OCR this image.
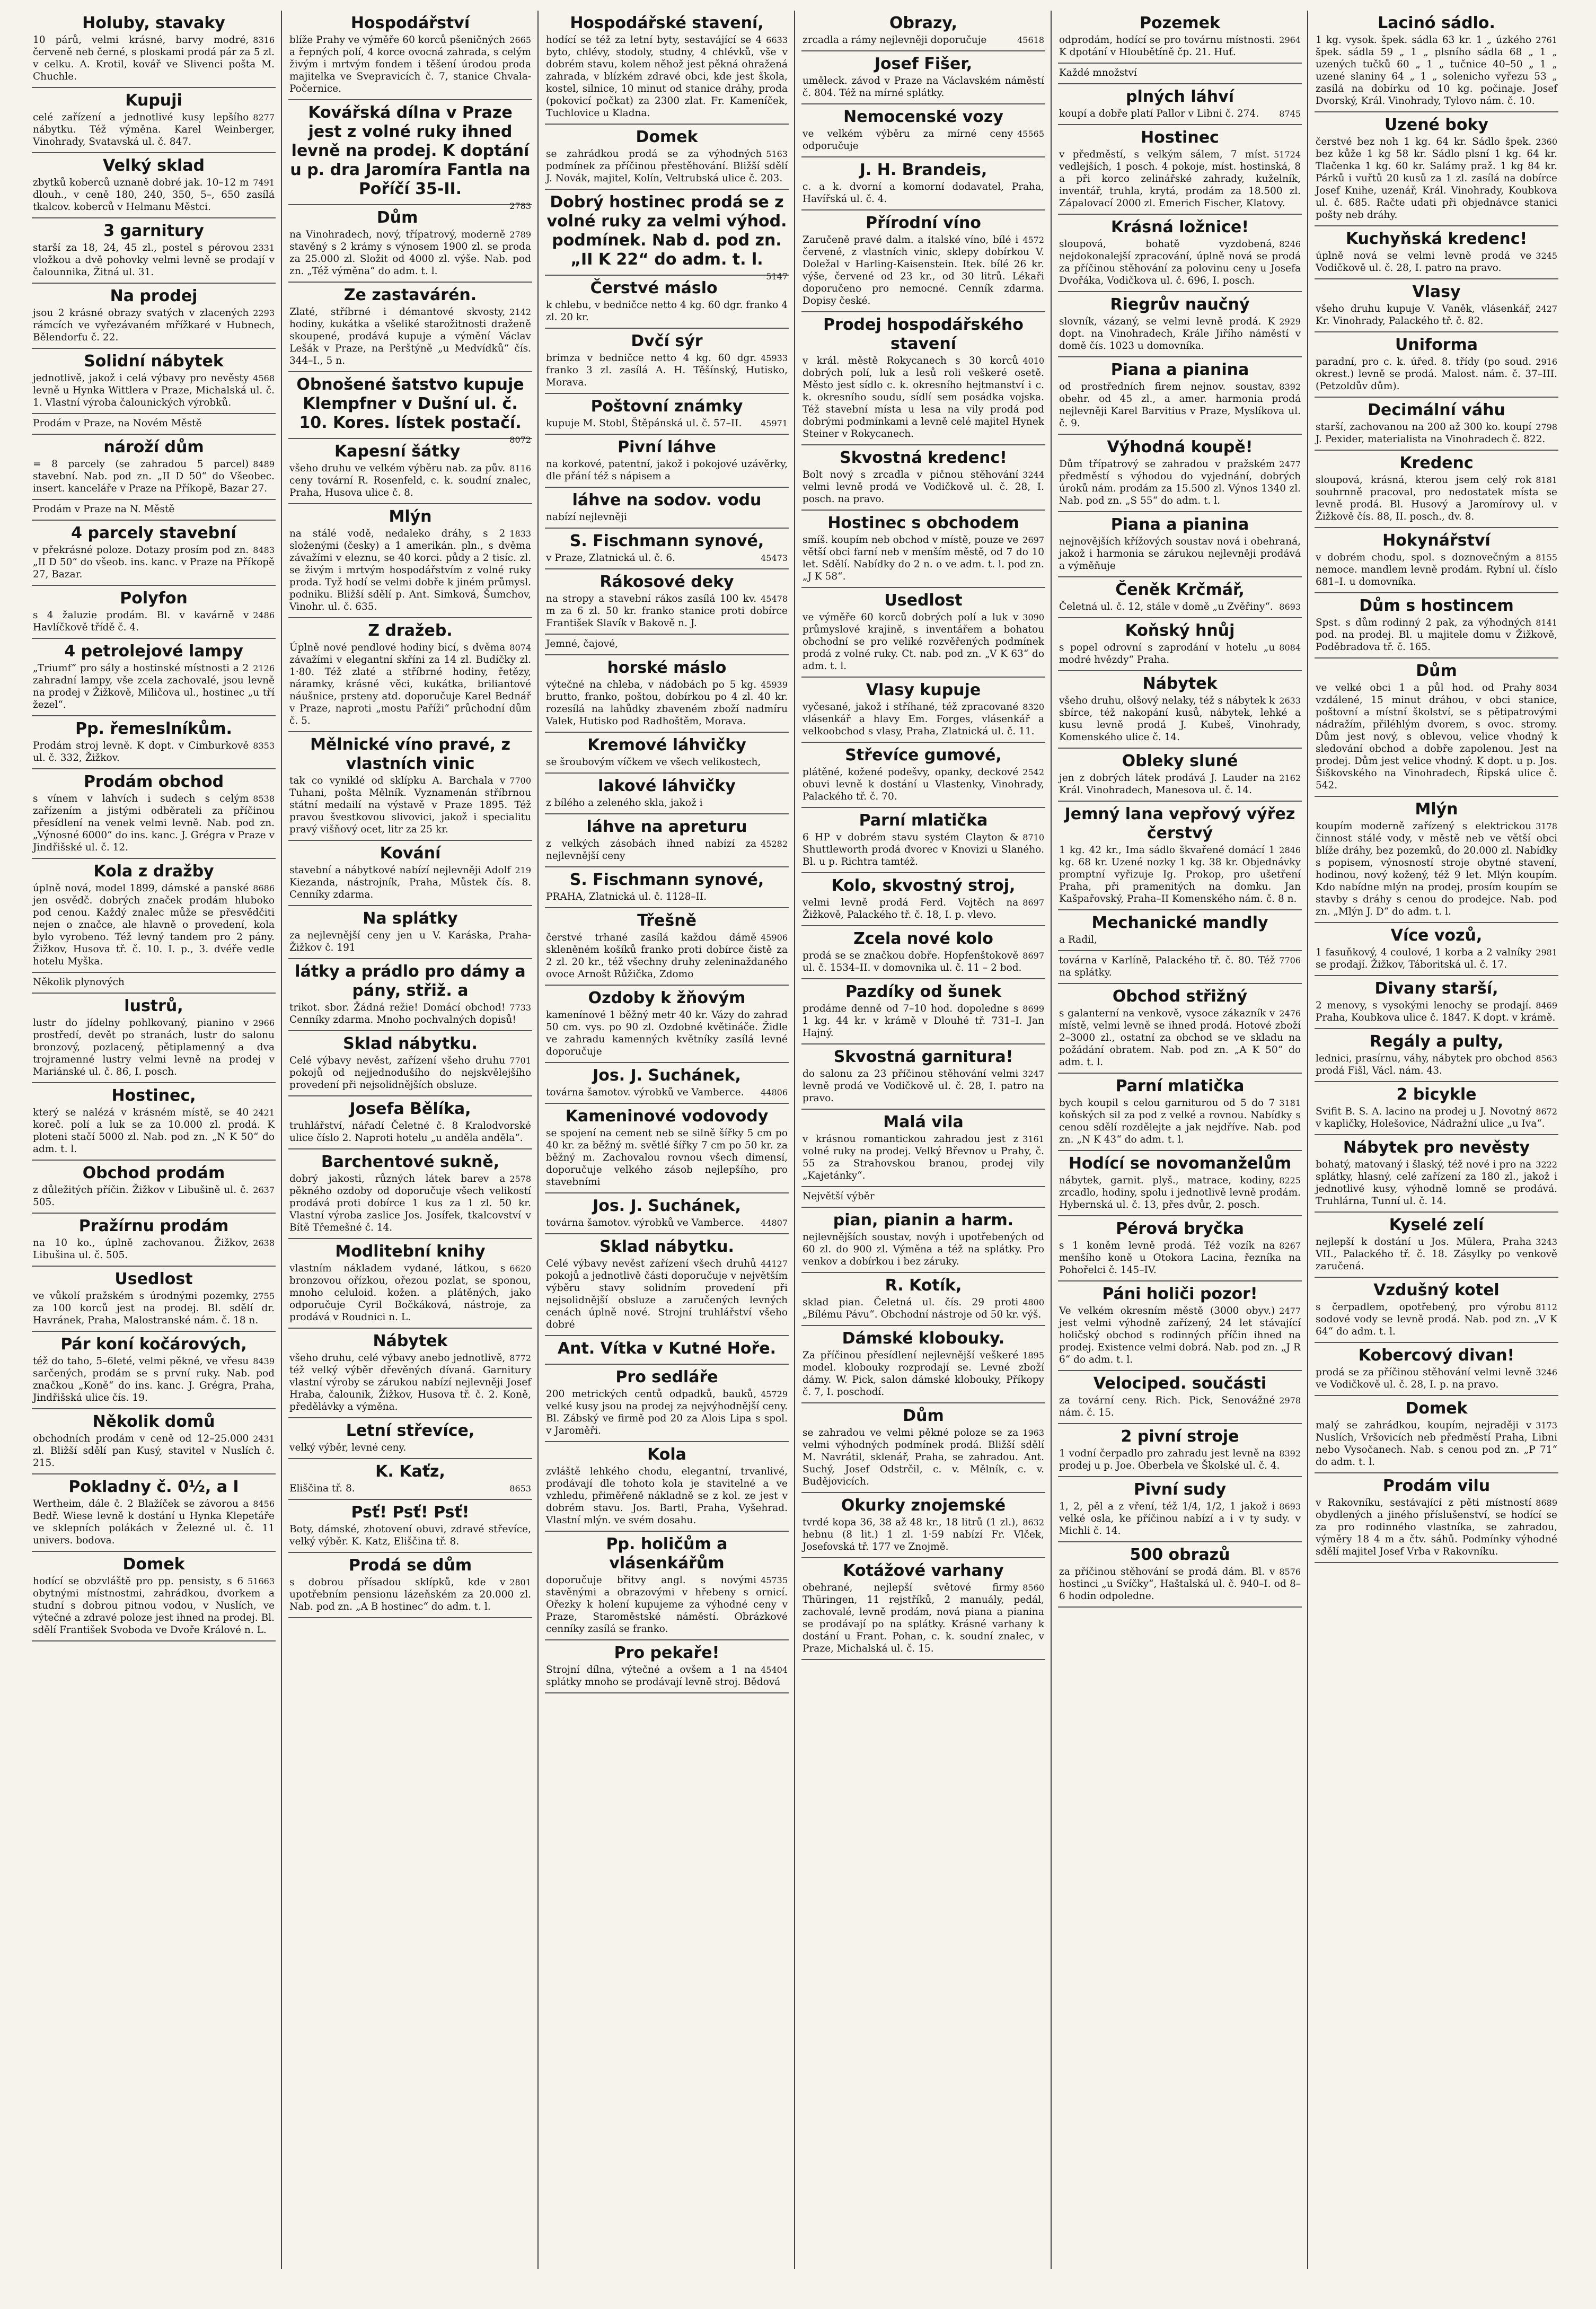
Holuby, stavaky
8316
10 párů, velmi krásné, barvy modré, červeně neb černé, s ploskami prodá pár za 5 zl. v celku. A. Krotil, kovář ve Slivenci pošta M. Chuchle.
Kupuji
8277
celé zařízení a jednotlivé kusy lepšího nábytku. Též výměna. Karel Weinberger, Vinohrady, Svatavská ul. č. 847.
Velký sklad
7491
zbytků koberců uznaně dobré jak. 10–12 m dlouh., v ceně 180, 240, 350, 5–, 650 zasílá tkalcov. koberců v Helmanu Městci.
3 garnitury
2331
starší za 18, 24, 45 zl., postel s pérovou vložkou a dvě pohovky velmi levně se prodají v čalounnika, Žitná ul. 31.
Na prodej
2293
jsou 2 krásné obrazy svatých v zlacených rámcích ve vyřezávaném mřížkaré v Hubnech, Bělendorfu č. 22.
Solidní nábytek
4568
jednotlivě, jakož i celá výbavy pro nevěsty levně u Hynka Wittlera v Praze, Michalská ul. č. 1. Vlastní výroba čalounických výrobků.
Prodám v Praze, na Novém Městě
nároží dům
8489
= 8 parcely (se zahradou 5 parcel) stavební. Nab. pod zn. „II D 50“ do Všeobec. insert. kanceláře v Praze na Příkopě, Bazar 27.
Prodám v Praze na N. Městě
4 parcely stavební
8483
v překrásné poloze. Dotazy prosím pod zn. „II D 50“ do všeob. ins. kanc. v Praze na Příkopě 27, Bazar.
Polyfon
2486
s 4 žaluzie prodám. Bl. v kavárně v Havlíčkově třídě č. 4.
4 petrolejové lampy
2126
„Triumf“ pro sály a hostinské místnosti a 2 zahradní lampy, vše zcela zachovalé, jsou levně na prodej v Žižkově, Miličova ul., hostinec „u tří žezel“.
Pp. řemeslníkům.
8353
Prodám stroj levně. K dopt. v Cimburkově ul. č. 332, Žižkov.
Prodám obchod
8538
s vínem v lahvích i sudech s celým zařízením a jistými odběrateli za příčinou přesídlení na venek velmi levně. Nab. pod zn. „Výnosné 6000“ do ins. kanc. J. Grégra v Praze v Jindřišské ul. č. 12.
Kola z dražby
8686
úplně nová, model 1899, dámské a panské jen osvědč. dobrých značek prodám hluboko pod cenou. Každý znalec může se přesvědčiti nejen o značce, ale hlavně o provedení, kola bylo vyrobeno. Též levný tandem pro 2 pány. Žižkov, Husova tř. č. 10. I. p., 3. dvéře vedle hotelu Myška.
Několik plynových
lustrů,
2966
lustr do jídelny pohlkovaný, pianino v prostředí, devět po stranách, lustr do salonu bronzový, pozlacený, pětiplamenný a dva trojramenné lustry velmi levně na prodej v Mariánské ul. č. 86, I. posch.
Hostinec,
2421
který se nalézá v krásném místě, se 40 koreč. polí a luk se za 10.000 zl. prodá. K ploteni stačí 5000 zl. Nab. pod zn. „N K 50“ do adm. t. l.
Obchod prodám
2637
z důležitých příčin. Žižkov v Libušině ul. č. 505.
Pražírnu prodám
2638
na 10 ko., úplně zachovanou. Žižkov, Libušina ul. č. 505.
Usedlost
2755
ve vůkolí pražském s úrodnými pozemky, za 100 korců jest na prodej. Bl. sdělí dr. Havránek, Praha, Malostranské nám. č. 18 n.
Pár koní kočárových,
8439
též do taho, 5–6leté, velmi pěkné, ve vřesu sarčených, prodám se s první ruky. Nab. pod značkou „Koně“ do ins. kanc. J. Grégra, Praha, Jindřišská ulice čís. 19.
Několik domů
2431
obchodních prodám v ceně od 12–25.000 zl. Bližší sdělí pan Kusý, stavitel v Nuslích č. 215.
Pokladny č. 0½, a I
8456
Wertheim, dále č. 2 Blažíček se závorou a Bedř. Wiese levně k dostání u Hynka Klepetáře ve sklepních polákách v Železné ul. č. 11 univers. bodova.
Domek
51663
hodící se obzvláště pro pp. pensisty, s 6 obytnými místnostmi, zahrádkou, dvorkem a studní s dobrou pitnou vodou, v Nuslích, ve výtečné a zdravé poloze jest ihned na prodej. Bl. sdělí František Svoboda ve Dvoře Králové n. L.
Hospodářství
2665
blíže Prahy ve výměře 60 korců pšeničných a řepných polí, 4 korce ovocná zahrada, s celým živým i mrtvým fondem i těšení úrodou proda majitelka ve Svepravicích č. 7, stanice Chvala-Počernice.
Kovářská dílna v Praze jest z volné ruky ihned levně na prodej. K doptání u p. dra Jaromíra Fantla na Poříčí 35-II.
2783
Dům
2789
na Vinohradech, nový, třípatrový, moderně stavěný s 2 krámy s výnosem 1900 zl. se proda za 25.000 zl. Složit od 4000 zl. výše. Nab. pod zn. „Též výměna“ do adm. t. l.
Ze zastavárén.
2142
Zlaté, stříbrné i démantové skvosty, hodiny, kukátka a všeliké starožitnosti draženě skoupené, prodává kupuje a výmění Václav Lešák v Praze, na Perštýně „u Medvídků“ čís. 344–I., 5 n.
Obnošené šatstvo kupuje Klempfner v Dušní ul. č. 10. Kores. lístek postačí.
8072
Kapesní šátky
8116
všeho druhu ve velkém výběru nab. za pův. ceny tovární R. Rosenfeld, c. k. soudní znalec, Praha, Husova ulice č. 8.
Mlýn
1833
na stálé vodě, nedaleko dráhy, s 2 složenými (česky) a 1 amerikán. pln., s dvěma závažími v eleznu, se 40 korci. půdy a 2 tisíc. zl. se živým i mrtvým hospodářstvím z volné ruky proda. Tyž hodí se velmi dobře k jiném průmysl. podniku. Bližší sdělí p. Ant. Simková, Šumchov, Vinohr. ul. č. 635.
Z dražeb.
8074
Úplně nové pendlové hodiny bicí, s dvěma závažími v elegantní skříni za 14 zl. Budíčky zl. 1·80. Též zlaté a stříbrné hodiny, řetězy, náramky, krásné věci, kukátka, briliantové náušnice, prsteny atd. doporučuje Karel Bednář v Praze, naproti „mostu Paříži“ průchodní dům č. 5.
Mělnické víno pravé, z vlastních vinic
7700
tak co vyniklé od sklípku A. Barchala v Tuhani, pošta Mělník. Vyznamenán stříbrnou státní medailí na výstavě v Praze 1895. Též pravou švestkovou slivovici, jakož i specialitu pravý višňový ocet, litr za 25 kr.
Kování
219
stavební a nábytkové nabízí nejlevněji Adolf Kiezanda, nástrojník, Praha, Můstek čís. 8. Cenníky zdarma.
Na splátky
za nejlevnější ceny jen u V. Karáska, Praha-Žižkov č. 191
látky a prádlo pro dámy a pány, střiž. a
7733
trikot. sbor. Žádná režie! Domácí obchod! Cenníky zdarma. Mnoho pochvalných dopisů!
Sklad nábytku.
7701
Celé výbavy nevěst, zařízení všeho druhu pokojů od nejjednodušího do nejskvělejšího provedení při nejsolidnějších obsluze.
Josefa Bělíka,
truhlářství, nářadí Čeletné č. 8 Kralodvorské ulice číslo 2. Naproti hotelu „u anděla anděla“.
Barchentové sukně,
2578
dobrý jakosti, různých látek barev a pěkného ozdoby od doporučuje všech velikostí prodává proti dobírce 1 kus za 1 zl. 50 kr. Vlastní výroba zaslice Jos. Josífek, tkalcovství v Bítě Třemešné č. 14.
Modlitební knihy
6620
vlastním nákladem vydané, látkou, s bronzovou ořízkou, ořezou pozlat, se sponou, mnoho celuloid. kožen. a plátěných, jako odporučuje Cyril Bočkáková, nástroje, za prodává v Roudnici n. L.
Nábytek
8772
všeho druhu, celé výbavy anebo jednotlivě, též velký výběr dřevěných dívaná. Garnitury vlastní výroby se zárukou nabízí nejlevněji Josef Hraba, čalounik, Žižkov, Husova tř. č. 2. Koně, předělávky a výměna.
Letní střevíce,
velký výběr, levné ceny.
K. Kaťz,
8653
Eliščina tř. 8.
Psť! Psť! Psť!
Boty, dámské, zhotovení obuvi, zdravé střevíce, velký výběr. K. Katz, Eliščina tř. 8.
Prodá se dům
2801
s dobrou přísadou sklípků, kde v upotřebním pensionu lázeňském za 20.000 zl. Nab. pod zn. „A B hostinec“ do adm. t. l.
Hospodářské stavení,
6633
hodící se též za letní byty, sestavájící se 4 byto, chlévy, stodoly, studny, 4 chlévků, vše v dobrém stavu, kolem něhož jest pěkná ohražená zahrada, v blízkém zdravé obci, kde jest škola, kostel, silnice, 10 minut od stanice dráhy, proda (pokovicí počkat) za 2300 zlat. Fr. Kameníček, Tuchlovice u Kladna.
Domek
5163
se zahrádkou prodá se za výhodných podmínek za příčinou přestěhování. Bližší sdělí J. Novák, majitel, Kolín, Veltrubská ulice č. 203.
Dobrý hostinec prodá se z volné ruky za velmi výhod. podmínek. Nab d. pod zn. „II K 22“ do adm. t. l.
5147
Čerstvé máslo
k chlebu, v bedničce netto 4 kg. 60 dgr. franko 4 zl. 20 kr.
Dvčí sýr
45933
brimza v bedničce netto 4 kg. 60 dgr. franko 3 zl. zasílá A. H. Těšínský, Hutisko, Morava.
Poštovní známky
45971
kupuje M. Stobl, Štěpánská ul. č. 57–II.
Pivní láhve
na korkové, patentní, jakož i pokojové uzávěrky, dle přání též s nápisem a
láhve na sodov. vodu
nabízí nejlevněji
S. Fischmann synové,
45473
v Praze, Zlatnická ul. č. 6.
Rákosové deky
45478
na stropy a stavební rákos zasílá 100 kv. m za 6 zl. 50 kr. franko stanice proti dobírce František Slavík v Bakově n. J.
Jemné, čajové,
horské máslo
45939
výtečné na chleba, v nádobách po 5 kg. brutto, franko, poštou, dobírkou po 4 zl. 40 kr. rozesílá na lahůdky zbaveném zboží nadmíru Valek, Hutisko pod Radhoštěm, Morava.
Kremové láhvičky
se šroubovým víčkem ve všech velikostech,
lakové láhvičky
z bílého a zeleného skla, jakož i
láhve na apreturu
45282
z velkých zásobách ihned nabízí za nejlevnější ceny
S. Fischmann synové,
PRAHA, Zlatnická ul. č. 1128–II.
Třešně
45906
čerstvé trhané zasílá každou dámě skleněném košíků franko proti dobírce čistě za 2 zl. 20 kr., též všechny druhy zeleninaždaného ovoce Arnošt Růžička, Zdomo
Ozdoby k žňovým
kamenínové 1 běžný metr 40 kr. Vázy do zahrad 50 cm. vys. po 90 zl. Ozdobné květináče. Židle ve zahradu kamenných květníky zasílá levné doporučuje
Jos. J. Suchánek,
44806
továrna šamotov. výrobků ve Vamberce.
Kameninové vodovody
se spojení na cement neb se silně šířky 5 cm po 40 kr. za běžný m. světlé šířky 7 cm po 50 kr. za běžný m. Zachovalou rovnou všech dimensí, doporučuje velkého zásob nejlepšího, pro stavebními
Jos. J. Suchánek,
44807
továrna šamotov. výrobků ve Vamberce.
Sklad nábytku.
44127
Celé výbavy nevěst zařízení všech druhů pokojů a jednotlivě části doporučuje v největším výběru stavy solidním provedení při nejsolidnější obsluze a zaručených levných cenách úplně nové. Strojní truhlářství všeho dobré
Ant. Vítka v Kutné Hoře.
Pro sedláře
45729
200 metrických centů odpadků, bauků, velké kusy jsou na prodej za nejvýhodnější ceny. Bl. Zábský ve firmě pod 20 za Alois Lipa s spol. v Jaroměři.
Kola
zvláště lehkého chodu, elegantní, trvanlivé, prodávají dle tohoto kola je stavitelné a ve vzhledu, přiměřeně nákladně se z kol. ze jest v dobrém stavu. Jos. Bartl, Praha, Vyšehrad. Vlastní mlýn. ve svém dosahu.
Pp. holičům a vlásenkářům
45735
doporučuje břitvy angl. s novými stavěnými a obrazovými v hřebeny s ornicí. Ořezky k holení kupujeme za výhodné ceny v Praze, Staroměstské náměstí. Obrázkové cenníky zasílá se franko.
Pro pekaře!
45404
Strojní dílna, výtečné a ovšem a 1 na splátky mnoho se prodávají levně stroj. Bědová
Obrazy,
45618
zrcadla a rámy nejlevněji doporučuje
Josef Fišer,
uměleck. závod v Praze na Václavském náměstí č. 804. Též na mírné splátky.
Nemocenské vozy
45565
ve velkém výběru za mírné ceny odporučuje
J. H. Brandeis,
c. a k. dvorní a komorní dodavatel, Praha, Havířská ul. č. 4.
Přírodní víno
4572
Zaručeně pravé dalm. a italské víno, bílé i červené, z vlastních vinic, sklepy dobírkou V. Doležal v Harling-Kaisenstein. Itek. bílé 26 kr. výše, červené od 23 kr., od 30 litrů. Lékaři doporučeno pro nemocné. Cenník zdarma. Dopisy české.
Prodej hospodářského stavení
4010
v král. městě Rokycanech s 30 korců dobrých polí, luk a lesů roli veškeré osetě. Město jest sídlo c. k. okresního hejtmanství i c. k. okresního soudu, sídlí sem posádka vojska. Též stavební místa u lesa na vily prodá pod dobrými podmínkami a levně celé majitel Hynek Steiner v Rokycanech.
Skvostná kredenc!
3244
Bolt nový s zrcadla v pičnou stěhování velmi levně prodá ve Vodičkově ul. č. 28, I. posch. na pravo.
Hostinec s obchodem
2697
smíš. koupím neb obchod v místě, pouze ve větší obci farní neb v menším městě, od 7 do 10 let. Sdělí. Nabídky do 2 n. o ve adm. t. l. pod zn. „J K 58“.
Usedlost
3090
ve výměře 60 korců dobrých polí a luk v průmyslové krajině, s inventářem a bohatou obchodní se pro veliké rozvěřených podmínek prodá z volné ruky. Ct. nab. pod zn. „V K 63“ do adm. t. l.
Vlasy kupuje
8320
vyčesané, jakož i stříhané, též zpracované vlásenkář a hlavy Em. Forges, vlásenkář a velkoobchod s vlasy, Praha, Zlatnická ul. č. 11.
Střevíce gumové,
2542
plátěné, kožené podešvy, opanky, deckové obuvi levně k dostání u Vlastenky, Vinohrady, Palackého tř. č. 70.
Parní mlatička
8710
6 HP v dobrém stavu systém Clayton & Shuttleworth prodá dvorec v Knovizi u Slaného. Bl. u p. Richtra tamtéž.
Kolo, skvostný stroj,
8697
velmi levně prodá Ferd. Vojtěch na Žižkově, Palackého tř. č. 18, I. p. vlevo.
Zcela nové kolo
8697
prodá se se značkou dobře. Hopfenštokově ul. č. 1534–II. v domovnika ul. č. 11 – 2 bod.
Pazdíky od šunek
8699
prodáme denně od 7–10 hod. dopoledne s 1 kg. 44 kr. v krámě v Dlouhé tř. 731–I. Jan Hajný.
Skvostná garnitura!
3247
do salonu za 23 příčinou stěhování velmi levně prodá ve Vodičkově ul. č. 28, I. patro na pravo.
Malá vila
3161
v krásnou romantickou zahradou jest z volné ruky na prodej. Velký Břevnov u Prahy, č. 55 za Strahovskou branou, prodej vily „Kajetánky“.
Největší výběr
pian, pianin a harm.
nejlevnějších soustav, novýh i upotřebených od 60 zl. do 900 zl. Výměna a též na splátky. Pro venkov a dobírkou i bez záruky.
R. Kotík,
4800
sklad pian. Čeletná ul. čís. 29 proti „Bílému Pávu“. Obchodní nástroje od 50 kr. výš.
Dámské klobouky.
1895
Za příčinou přesídlení nejlevnější veškeré model. klobouky rozprodají se. Levné zboží dámy. W. Pick, salon dámské klobouky, Příkopy č. 7, I. poschodí.
Dům
1963
se zahradou ve velmi pěkné poloze se za velmi výhodných podmínek prodá. Bližší sdělí M. Navrátil, sklenář, Praha, se zahradou. Ant. Suchý, Josef Odstrčil, c. v. Mělník, c. v. Budějovicích.
Okurky znojemské
8632
tvrdé kopa 36, 38 až 48 kr., 18 litrů (1 zl.), hebnu (8 lit.) 1 zl. 1·59 nabízí Fr. Vlček, Josefovská tř. 177 ve Znojmě.
Kotážové varhany
8560
obehrané, nejlepší světové firmy Thüringen, 11 rejstříků, 2 manuály, pedál, zachovalé, levně prodám, nová piana a pianina se prodávají po na splátky. Krásné varhany k dostání u Frant. Pohan, c. k. soudní znalec, v Praze, Michalská ul. č. 15.
Pozemek
2964
odprodám, hodící se pro továrnu místnosti. K dpotání v Hloubětíně čp. 21. Huť.
Každé množství
plných láhví
8745
koupí a dobře platí Pallor v Libni č. 274.
Hostinec
51724
v předměstí, s velkým sálem, 7 míst. vedlejších, 1 posch. 4 pokoje, míst. hostinská, 8 a při korco zelinářské zahrady, kuželník, inventář, truhla, krytá, prodám za 18.500 zl. Zápalovací 2000 zl. Emerich Fischer, Klatovy.
Krásná ložnice!
8246
sloupová, bohatě vyzdobená, nejdokonalejší zpracování, úplně nová se prodá za příčinou stěhování za polovinu ceny u Josefa Dvořáka, Vodičkova ul. č. 696, I. posch.
Riegrův naučný
2929
slovník, vázaný, se velmi levně prodá. K dopt. na Vinohradech, Krále Jiřího náměstí v domě čís. 1023 u domovníka.
Piana a pianina
8392
od prostředních firem nejnov. soustav, obehr. od 45 zl., a amer. harmonia prodá nejlevněji Karel Barvitius v Praze, Myslíkova ul. č. 9.
Výhodná koupě!
2477
Dům třípatrový se zahradou v pražském předměstí s výhodou do vyjednání, dobrých úroků nám. prodám za 15.500 zl. Výnos 1340 zl. Nab. pod zn. „S 55“ do adm. t. l.
Piana a pianina
nejnovějších křížových soustav nová i obehraná, jakož i harmonia se zárukou nejlevněji prodává a výměňuje
Čeněk Krčmář,
8693
Čeletná ul. č. 12, stále v domě „u Zvěřiny“.
Koňský hnůj
8084
s popel odrovní s zaprodání v hotelu „u modré hvězdy“ Praha.
Nábytek
2633
všeho druhu, olšový nelaky, též s nábytek k sbírce, též nakopání kusů, nábytek, lehké a kusu levně prodá J. Kubeš, Vinohrady, Komenského ulice č. 14.
Obleky sluné
2162
jen z dobrých látek prodává J. Lauder na Král. Vinohradech, Manesova ul. č. 14.
Jemný lana vepřový výřez čerstvý
2846
1 kg. 42 kr., Ima sádlo škvařené domácí 1 kg. 68 kr. Uzené nozky 1 kg. 38 kr. Objednávky promptní vyřizuje Ig. Prokop, pro ušetření Praha, při pramenitých na domku. Jan Kašpařovský, Praha–II Komenského nám. č. 8 n.
Mechanické mandly
a Radil,
7706
továrna v Karlíně, Palackého tř. č. 80. Též na splátky.
Obchod střižný
2476
s galanterní na venkově, vysoce zákazník v místě, velmi levně se ihned prodá. Hotové zboží 2–3000 zl., ostatní za obchod se ve skladu na požádání obratem. Nab. pod zn. „A K 50“ do adm. t. l.
Parní mlatička
3181
bych koupil s celou garniturou od 5 do 7 koňských sil za pod z velké a rovnou. Nabídky s cenou sdělí rozdělejte a jak nejdříve. Nab. pod zn. „N K 43“ do adm. t. l.
Hodící se novomanželům
8225
nábytek, garnit. plyš., matrace, kodiny, zrcadlo, hodiny, spolu i jednotlivě levně prodám. Hybernská ul. č. 13, přes dvůr, 2. posch.
Pérová bryčka
8267
s 1 koněm levně prodá. Též vozík na menšího koně u Otokora Lacina, řezníka na Pohořelci č. 145–IV.
Páni holiči pozor!
2477
Ve velkém okresním městě (3000 obyv.) jest velmi výhodně zařízený, 24 let stávající holičský obchod s rodinných příčin ihned na prodej. Existence velmi dobrá. Nab. pod zn. „J R 6“ do adm. t. l.
Velociped. součásti
2978
za tovární ceny. Rich. Pick, Senovážné nám. č. 15.
2 pivní stroje
8392
1 vodní čerpadlo pro zahradu jest levně na prodej u p. Joe. Oberbela ve Školské ul. č. 4.
Pivní sudy
8693
1, 2, pěl a z vření, též 1/4, 1/2, 1 jakož i velké osla, ke příčinou nabízí a i v ty sudy. v Michli č. 14.
500 obrazů
8576
za příčinou stěhování se prodá dám. Bl. v hostinci „u Svíčky“, Haštalská ul. č. 940–I. od 8–6 hodin odpoledne.
Lacinó sádlo.
2761
1 kg. vysok. špek. sádla 63 kr. 1 „ úzkého špek. sádla 59 „ 1 „ plsního sádla 68 „ 1 „ uzených tučků 60 „ 1 „ tučnice 40–50 „ 1 „ uzené slaniny 64 „ 1 „ solenicho vyřezu 53 „ zasílá na dobírku od 10 kg. počinaje. Josef Dvorský, Král. Vinohrady, Tylovo nám. č. 10.
Uzené boky
2360
čerstvé bez noh 1 kg. 64 kr. Sádlo špek. bez kůže 1 kg 58 kr. Sádlo plsní 1 kg. 64 kr. Tlačenka 1 kg. 60 kr. Salámy praž. 1 kg 84 kr. Párků i vuřtů 20 kusů za 1 zl. zasílá na dobírce Josef Knihe, uzenář, Král. Vinohrady, Koubkova ul. č. 685. Račte udati při objednávce stanici pošty neb dráhy.
Kuchyňská kredenc!
3245
úplně nová se velmi levně prodá ve Vodičkově ul. č. 28, I. patro na pravo.
Vlasy
2427
všeho druhu kupuje V. Vaněk, vlásenkář, Kr. Vinohrady, Palackého tř. č. 82.
Uniforma
2916
paradní, pro c. k. úřed. 8. třídy (po soud. okrest.) levně se prodá. Malost. nám. č. 37–III. (Petzoldův dům).
Decimální váhu
2798
starší, zachovanou na 200 až 300 ko. koupí J. Pexider, materialista na Vinohradech č. 822.
Kredenc
8181
sloupová, krásná, kterou jsem celý rok souhrnně pracoval, pro nedostatek místa se levně prodá. Bl. Husový a Jaromírovy ul. v Žižkově čís. 88, II. posch., dv. 8.
Hokynářství
8155
v dobrém chodu, spol. s doznovečným a nemoce. mandlem levně prodám. Rybní ul. číslo 681–I. u domovníka.
Dům s hostincem
8141
Spst. s dům rodinný 2 pak, za výhodných pod. na prodej. Bl. u majitele domu v Žižkově, Poděbradova tř. č. 165.
Dům
8034
ve velké obci 1 a půl hod. od Prahy vzdálené, 15 minut dráhou, v obci stanice, poštovní a místní školství, se s pětipatrovými nádražím, přiléhlým dvorem, s ovoc. stromy. Dům jest nový, s oblevou, velice vhodný k sledování obchod a dobře zapolenou. Jest na prodej. Dům jest velice vhodný. K dopt. u p. Jos. Šiškovského na Vinohradech, Řipská ulice č. 542.
Mlýn
3178
koupím moderně zařízený s elektrickou činnost stálé vody, v městě neb ve větší obci blíže dráhy, bez pozemků, do 20.000 zl. Nabídky s popisem, výnosností stroje obytné stavení, hodinou, nový kožený, též 9 let. Mlýn koupím. Kdo nabídne mlýn na prodej, prosím koupím se stavby s dráhy s cenou do prodejce. Nab. pod zn. „Mlýn J. D“ do adm. t. l.
Více vozů,
2981
1 fasuňkový, 4 coulové, 1 korba a 2 valníky se prodají. Žižkov, Táboritská ul. č. 17.
Divany starší,
8469
2 menovy, s vysokými lenochy se prodají. Praha, Koubkova ulice č. 1847. K dopt. v krámě.
Regály a pulty,
8563
lednici, prasírnu, váhy, nábytek pro obchod prodá Fišl, Václ. nám. 43.
2 bicykle
8672
Svifit B. S. A. lacino na prodej u J. Novotný v kapličky, Holešovice, Nádražní ulice „u Iva“.
Nábytek pro nevěsty
3222
bohatý, matovaný i šlaský, též nové i pro na splátky, hlasný, celé zařízení za 180 zl., jakož i jednotlivé kusy, výhodně lomně se prodává. Truhlárna, Tunní ul. č. 14.
Kyselé zelí
3243
nejlepší k dostání u Jos. Mülera, Praha VII., Palackého tř. č. 18. Zásylky po venkově zaručená.
Vzdušný kotel
8112
s čerpadlem, opotřebený, pro výrobu sodové vody se levně prodá. Nab. pod zn. „V K 64“ do adm. t. l.
Kobercový divan!
3246
prodá se za příčinou stěhování velmi levně ve Vodičkově ul. č. 28, I. p. na pravo.
Domek
3173
malý se zahrádkou, koupím, nejraději v Nuslích, Vršovicích neb předměstí Praha, Libni nebo Vysočanech. Nab. s cenou pod zn. „P 71“ do adm. t. l.
Prodám vilu
8689
v Rakovníku, sestávající z pěti místností obydlených a jiného příslušenství, se hodící se za pro rodinného vlastníka, se zahradou, výměry 18 4 m a čtv. sáhů. Podmínky výhodné sdělí majitel Josef Vrba v Rakovníku.
